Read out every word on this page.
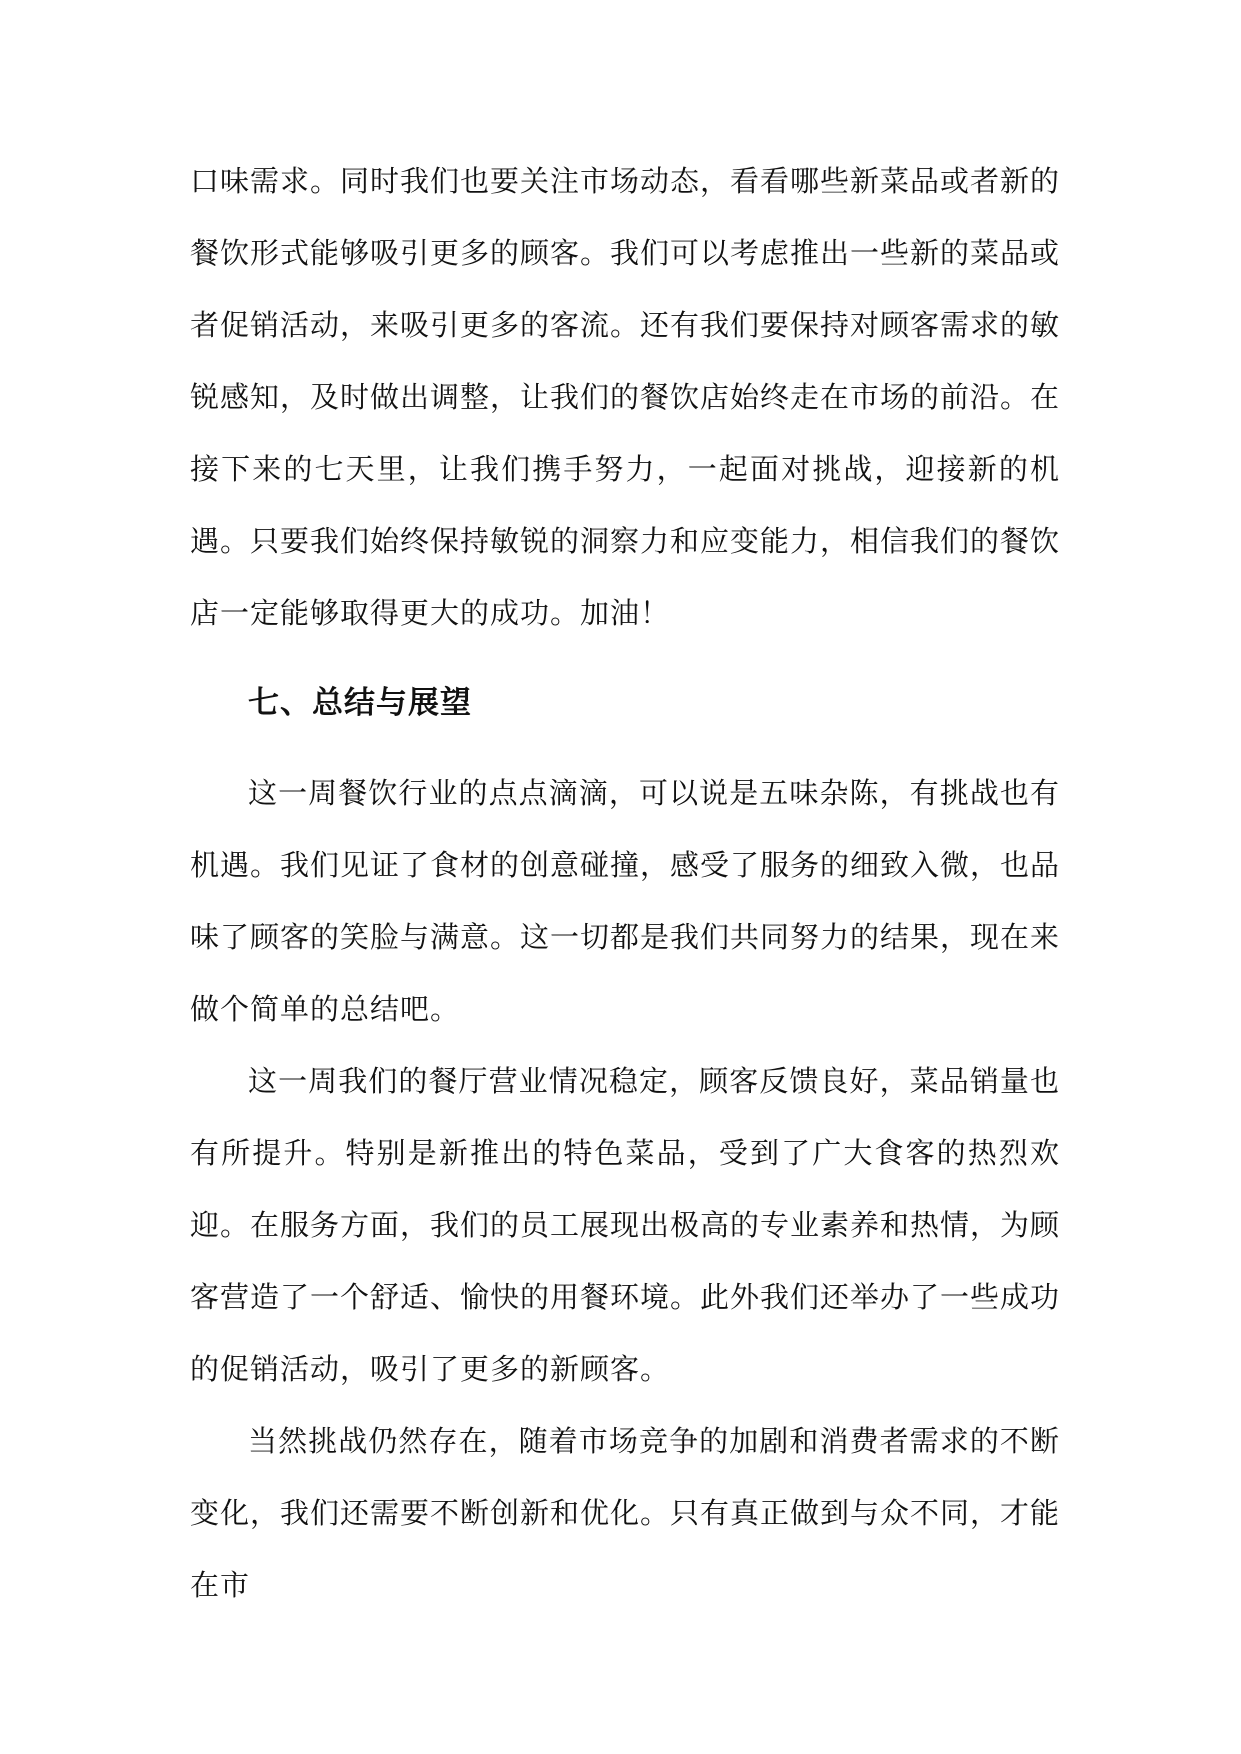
口味需求。同时我们也要关注市场动态，看看哪些新菜品或者新的餐饮形式能够吸引更多的顾客。我们可以考虑推出一些新的菜品或者促销活动，来吸引更多的客流。还有我们要保持对顾客需求的敏锐感知，及时做出调整，让我们的餐饮店始终走在市场的前沿。在接下来的七天里，让我们携手努力，一起面对挑战，迎接新的机遇。只要我们始终保持敏锐的洞察力和应变能力，相信我们的餐饮店一定能够取得更大的成功。加油！

七、总结与展望

这一周餐饮行业的点点滴滴，可以说是五味杂陈，有挑战也有机遇。我们见证了食材的创意碰撞，感受了服务的细致入微，也品味了顾客的笑脸与满意。这一切都是我们共同努力的结果，现在来做个简单的总结吧。

这一周我们的餐厅营业情况稳定，顾客反馈良好，菜品销量也有所提升。特别是新推出的特色菜品，受到了广大食客的热烈欢迎。在服务方面，我们的员工展现出极高的专业素养和热情，为顾客营造了一个舒适、愉快的用餐环境。此外我们还举办了一些成功的促销活动，吸引了更多的新顾客。

当然挑战仍然存在，随着市场竞争的加剧和消费者需求的不断变化，我们还需要不断创新和优化。只有真正做到与众不同，才能在市
